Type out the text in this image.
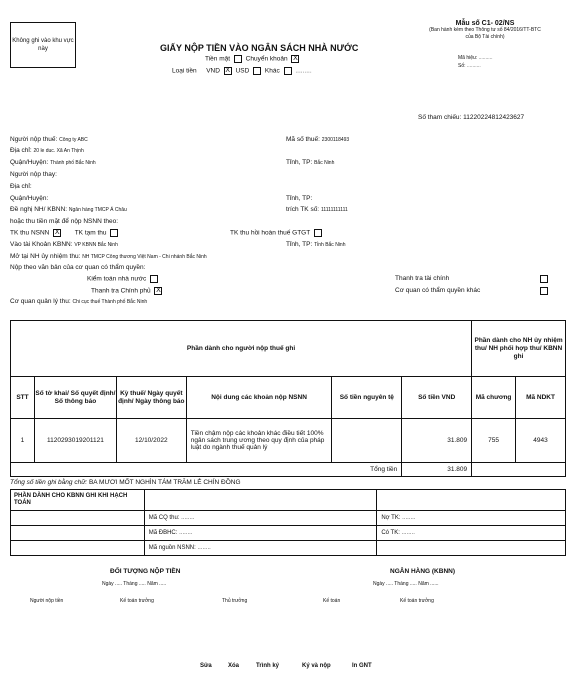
Không ghi vào khu vực này	GIẤY NỘP TIỀN VÀO NGÂN SÁCH NHÀ NƯỚC
Tiền mặt Chuyển khoản X
Loại tiền VND X USD Khác .........
Mẫu số C1- 02/NS
(Ban hành kèm theo Thông tư số 84/2016/TT-BTC của Bộ Tài chính)
Mã hiệu: ..........
Số: ..........
Số tham chiếu: 11220224812423627
Người nộp thuế: Công ty ABC	Mã số thuế: 2300118493
Địa chỉ: 20 le duc. Xã An Thịnh
Quận/Huyện: Thành phố Bắc Ninh	Tỉnh, TP: Bắc Ninh
Người nộp thay:
Địa chỉ:
Quận/Huyện:	Tỉnh, TP:
Đề nghị NH/ KBNN: Ngân hàng TMCP Á Châu	trích TK số: 11111111111
hoặc thu tiền mặt để nộp NSNN theo:
TK thu NSNN X TK tạm thu	TK thu hồi hoàn thuế GTGT
Vào tài Khoản KBNN: VP KBNN Bắc Ninh	Tỉnh, TP: Tỉnh Bắc Ninh
Mở tại NH ủy nhiệm thu: NH TMCP Công thương Việt Nam - Chi nhánh Bắc Ninh
Nộp theo văn bản của cơ quan có thẩm quyền:
Kiểm toán nhà nước	Thanh tra tài chính
Thanh tra Chính phủ X	Cơ quan có thẩm quyền khác
Cơ quan quản lý thu: Chi cục thuế Thành phố Bắc Ninh
Phần dành cho người nộp thuế ghi						Phần dành cho NH ủy nhiệm thu/ NH phối hợp thu/ KBNN ghi	
STT	Số tờ khai/ Số quyết định/ Số thông báo	Kỳ thuế/ Ngày quyết định/ Ngày thông báo	Nội dung các khoản nộp NSNN	Số tiền nguyên tệ	Số tiền VND	Mã chương	Mã NDKT
1	1120293019201121	12/10/2022	Tiền chậm nộp các khoản khác điều tiết 100% ngân sách trung ương theo quy định của pháp luật do ngành thuế quản lý		31.809	755	4943
Tổng tiền					31.809		
Tổng số tiền ghi bằng chữ: BA MƯƠI MỐT NGHÌN TÁM TRĂM LẺ CHÍN ĐỒNG
PHẦN DÀNH CHO KBNN GHI KHI HẠCH TOÁN		
	Mã CQ thu: ........	Nợ TK: ........
	Mã ĐBHC: ........	Có TK: ........
	Mã nguồn NSNN: ........	
ĐỐI TƯỢNG NỘP TIỀN	NGÂN HÀNG (KBNN)
Ngày ..... Tháng ..... Năm .....	Ngày ..... Tháng ..... Năm ......
Người nộp tiền	Kế toán trưởng	Thủ trưởng	Kế toán	Kế toán trưởng
Sửa	Xóa	Trình ký	Ký và nộp	In GNT
